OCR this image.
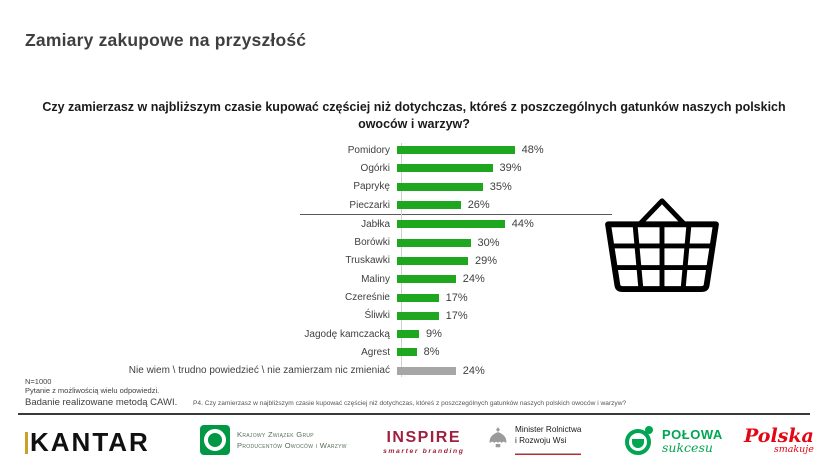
Zamiary zakupowe na przyszłość
Czy zamierzasz w najbliższym czasie kupować częściej niż dotychczas, któreś z poszczególnych gatunków naszych polskich owoców i warzyw?
Pomidory	48%
Ogórki	39%
Paprykę	35%
Pieczarki	26%
Jabłka	44%
Borówki	30%
Truskawki	29%
Maliny	24%
Czereśnie	17%
Śliwki	17%
Jagodę kamczacką	9%
Agrest	8%
Nie wiem \ trudno powiedzieć \ nie zamierzam nic zmieniać	24%
N=1000
Pytanie z możliwością wielu odpowiedzi.
Badanie realizowane metodą CAWI. P4. Czy zamierzasz w najbliższym czasie kupować częściej niż dotychczas, któreś z poszczególnych gatunków naszych polskich owoców i warzyw?
KANTAR	Krajowy Związek Grup
Producentów Owoców i Warzyw INSPIRE
smarter branding
Minister Rolnictwa
i Rozwoju Wsi	POŁOWA
sukcesu
Polska
smakuje
